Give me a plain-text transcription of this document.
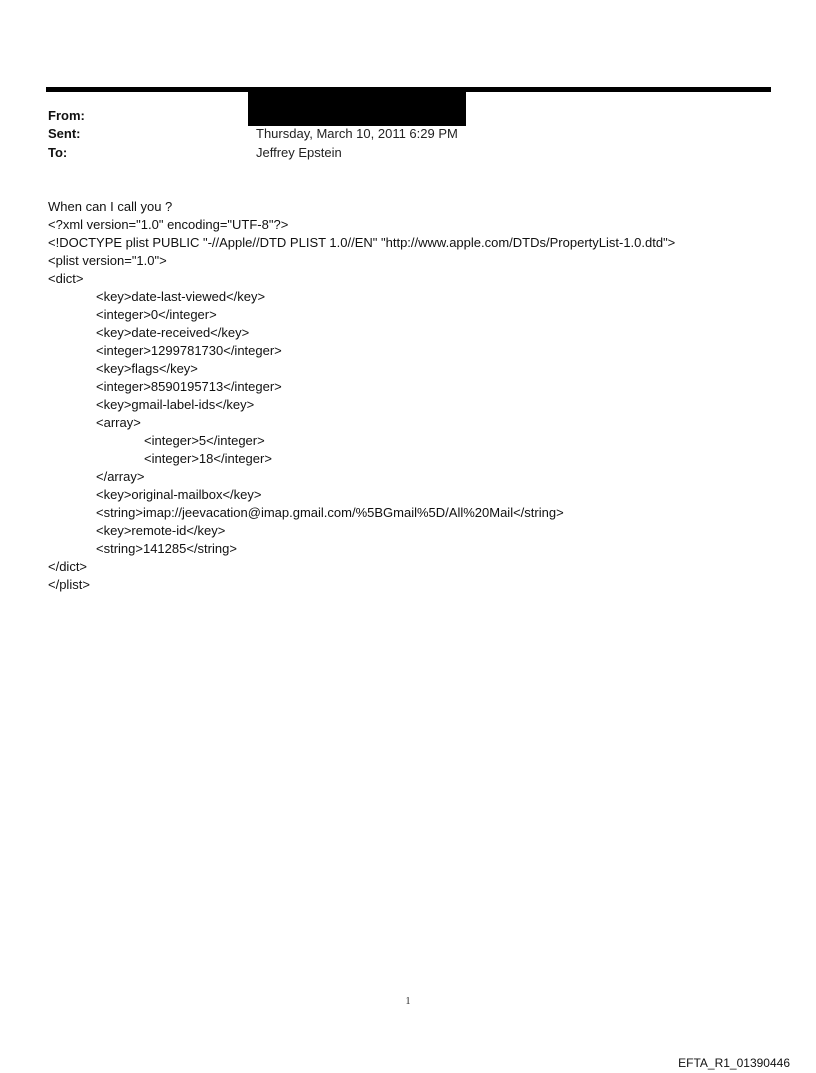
From:
Sent:
To:
Thursday, March 10, 2011 6:29 PM
Jeffrey Epstein
When can I call you ?
<?xml version="1.0" encoding="UTF-8"?>
<!DOCTYPE plist PUBLIC "-//Apple//DTD PLIST 1.0//EN" "http://www.apple.com/DTDs/PropertyList-1.0.dtd">
<plist version="1.0">
<dict>
<key>date-last-viewed</key>
<integer>0</integer>
<key>date-received</key>
<integer>1299781730</integer>
<key>flags</key>
<integer>8590195713</integer>
<key>gmail-label-ids</key>
<array>
<integer>5</integer>
<integer>18</integer>
</array>
<key>original-mailbox</key>
<string>imap://jeevacation@imap.gmail.com/%5BGmail%5D/All%20Mail</string>
<key>remote-id</key>
<string>141285</string>
</dict>
</plist>
1
EFTA_R1_01390446
